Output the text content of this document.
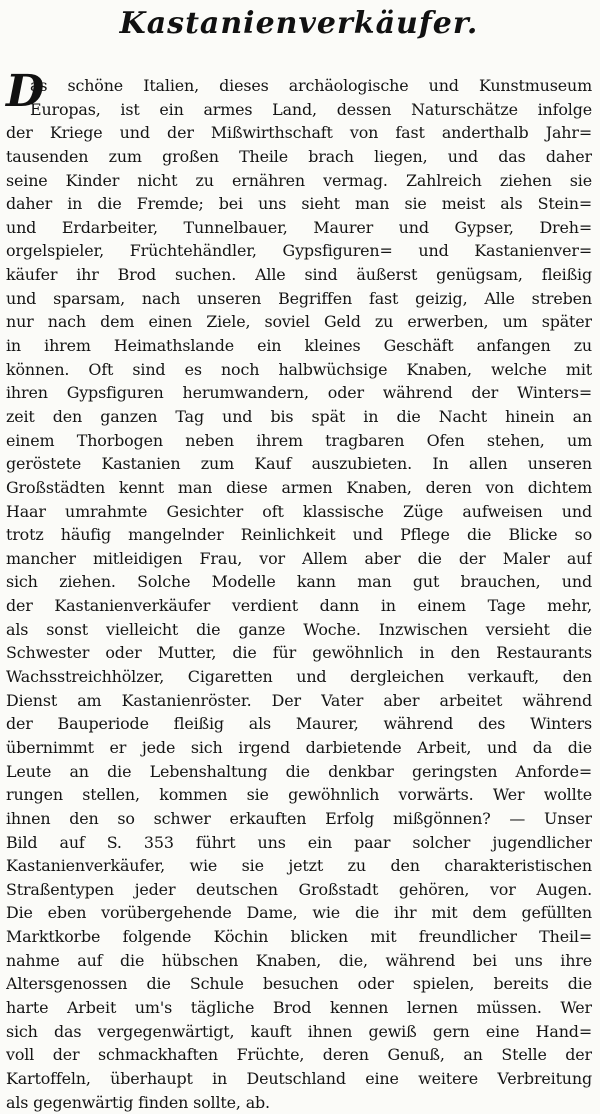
Kastanienverkäufer.
D
as schöne Italien, dieses archäologische und Kunstmuseum
Europas, ist ein armes Land, dessen Naturschätze infolge
der Kriege und der Mißwirthschaft von fast anderthalb Jahr=
tausenden zum großen Theile brach liegen, und das daher
seine Kinder nicht zu ernähren vermag. Zahlreich ziehen sie
daher in die Fremde; bei uns sieht man sie meist als Stein=
und Erdarbeiter, Tunnelbauer, Maurer und Gypser, Dreh=
orgelspieler, Früchtehändler, Gypsfiguren= und Kastanienver=
käufer ihr Brod suchen. Alle sind äußerst genügsam, fleißig
und sparsam, nach unseren Begriffen fast geizig, Alle streben
nur nach dem einen Ziele, soviel Geld zu erwerben, um später
in ihrem Heimathslande ein kleines Geschäft anfangen zu
können. Oft sind es noch halbwüchsige Knaben, welche mit
ihren Gypsfiguren herumwandern, oder während der Winters=
zeit den ganzen Tag und bis spät in die Nacht hinein an
einem Thorbogen neben ihrem tragbaren Ofen stehen, um
geröstete Kastanien zum Kauf auszubieten. In allen unseren
Großstädten kennt man diese armen Knaben, deren von dichtem
Haar umrahmte Gesichter oft klassische Züge aufweisen und
trotz häufig mangelnder Reinlichkeit und Pflege die Blicke so
mancher mitleidigen Frau, vor Allem aber die der Maler auf
sich ziehen. Solche Modelle kann man gut brauchen, und
der Kastanienverkäufer verdient dann in einem Tage mehr,
als sonst vielleicht die ganze Woche. Inzwischen versieht die
Schwester oder Mutter, die für gewöhnlich in den Restaurants
Wachsstreichhölzer, Cigaretten und dergleichen verkauft, den
Dienst am Kastanienröster. Der Vater aber arbeitet während
der Bauperiode fleißig als Maurer, während des Winters
übernimmt er jede sich irgend darbietende Arbeit, und da die
Leute an die Lebenshaltung die denkbar geringsten Anforde=
rungen stellen, kommen sie gewöhnlich vorwärts. Wer wollte
ihnen den so schwer erkauften Erfolg mißgönnen? — Unser
Bild auf S. 353 führt uns ein paar solcher jugendlicher
Kastanienverkäufer, wie sie jetzt zu den charakteristischen
Straßentypen jeder deutschen Großstadt gehören, vor Augen.
Die eben vorübergehende Dame, wie die ihr mit dem gefüllten
Marktkorbe folgende Köchin blicken mit freundlicher Theil=
nahme auf die hübschen Knaben, die, während bei uns ihre
Altersgenossen die Schule besuchen oder spielen, bereits die
harte Arbeit um's tägliche Brod kennen lernen müssen. Wer
sich das vergegenwärtigt, kauft ihnen gewiß gern eine Hand=
voll der schmackhaften Früchte, deren Genuß, an Stelle der
Kartoffeln, überhaupt in Deutschland eine weitere Verbreitung
als gegenwärtig finden sollte, ab.
